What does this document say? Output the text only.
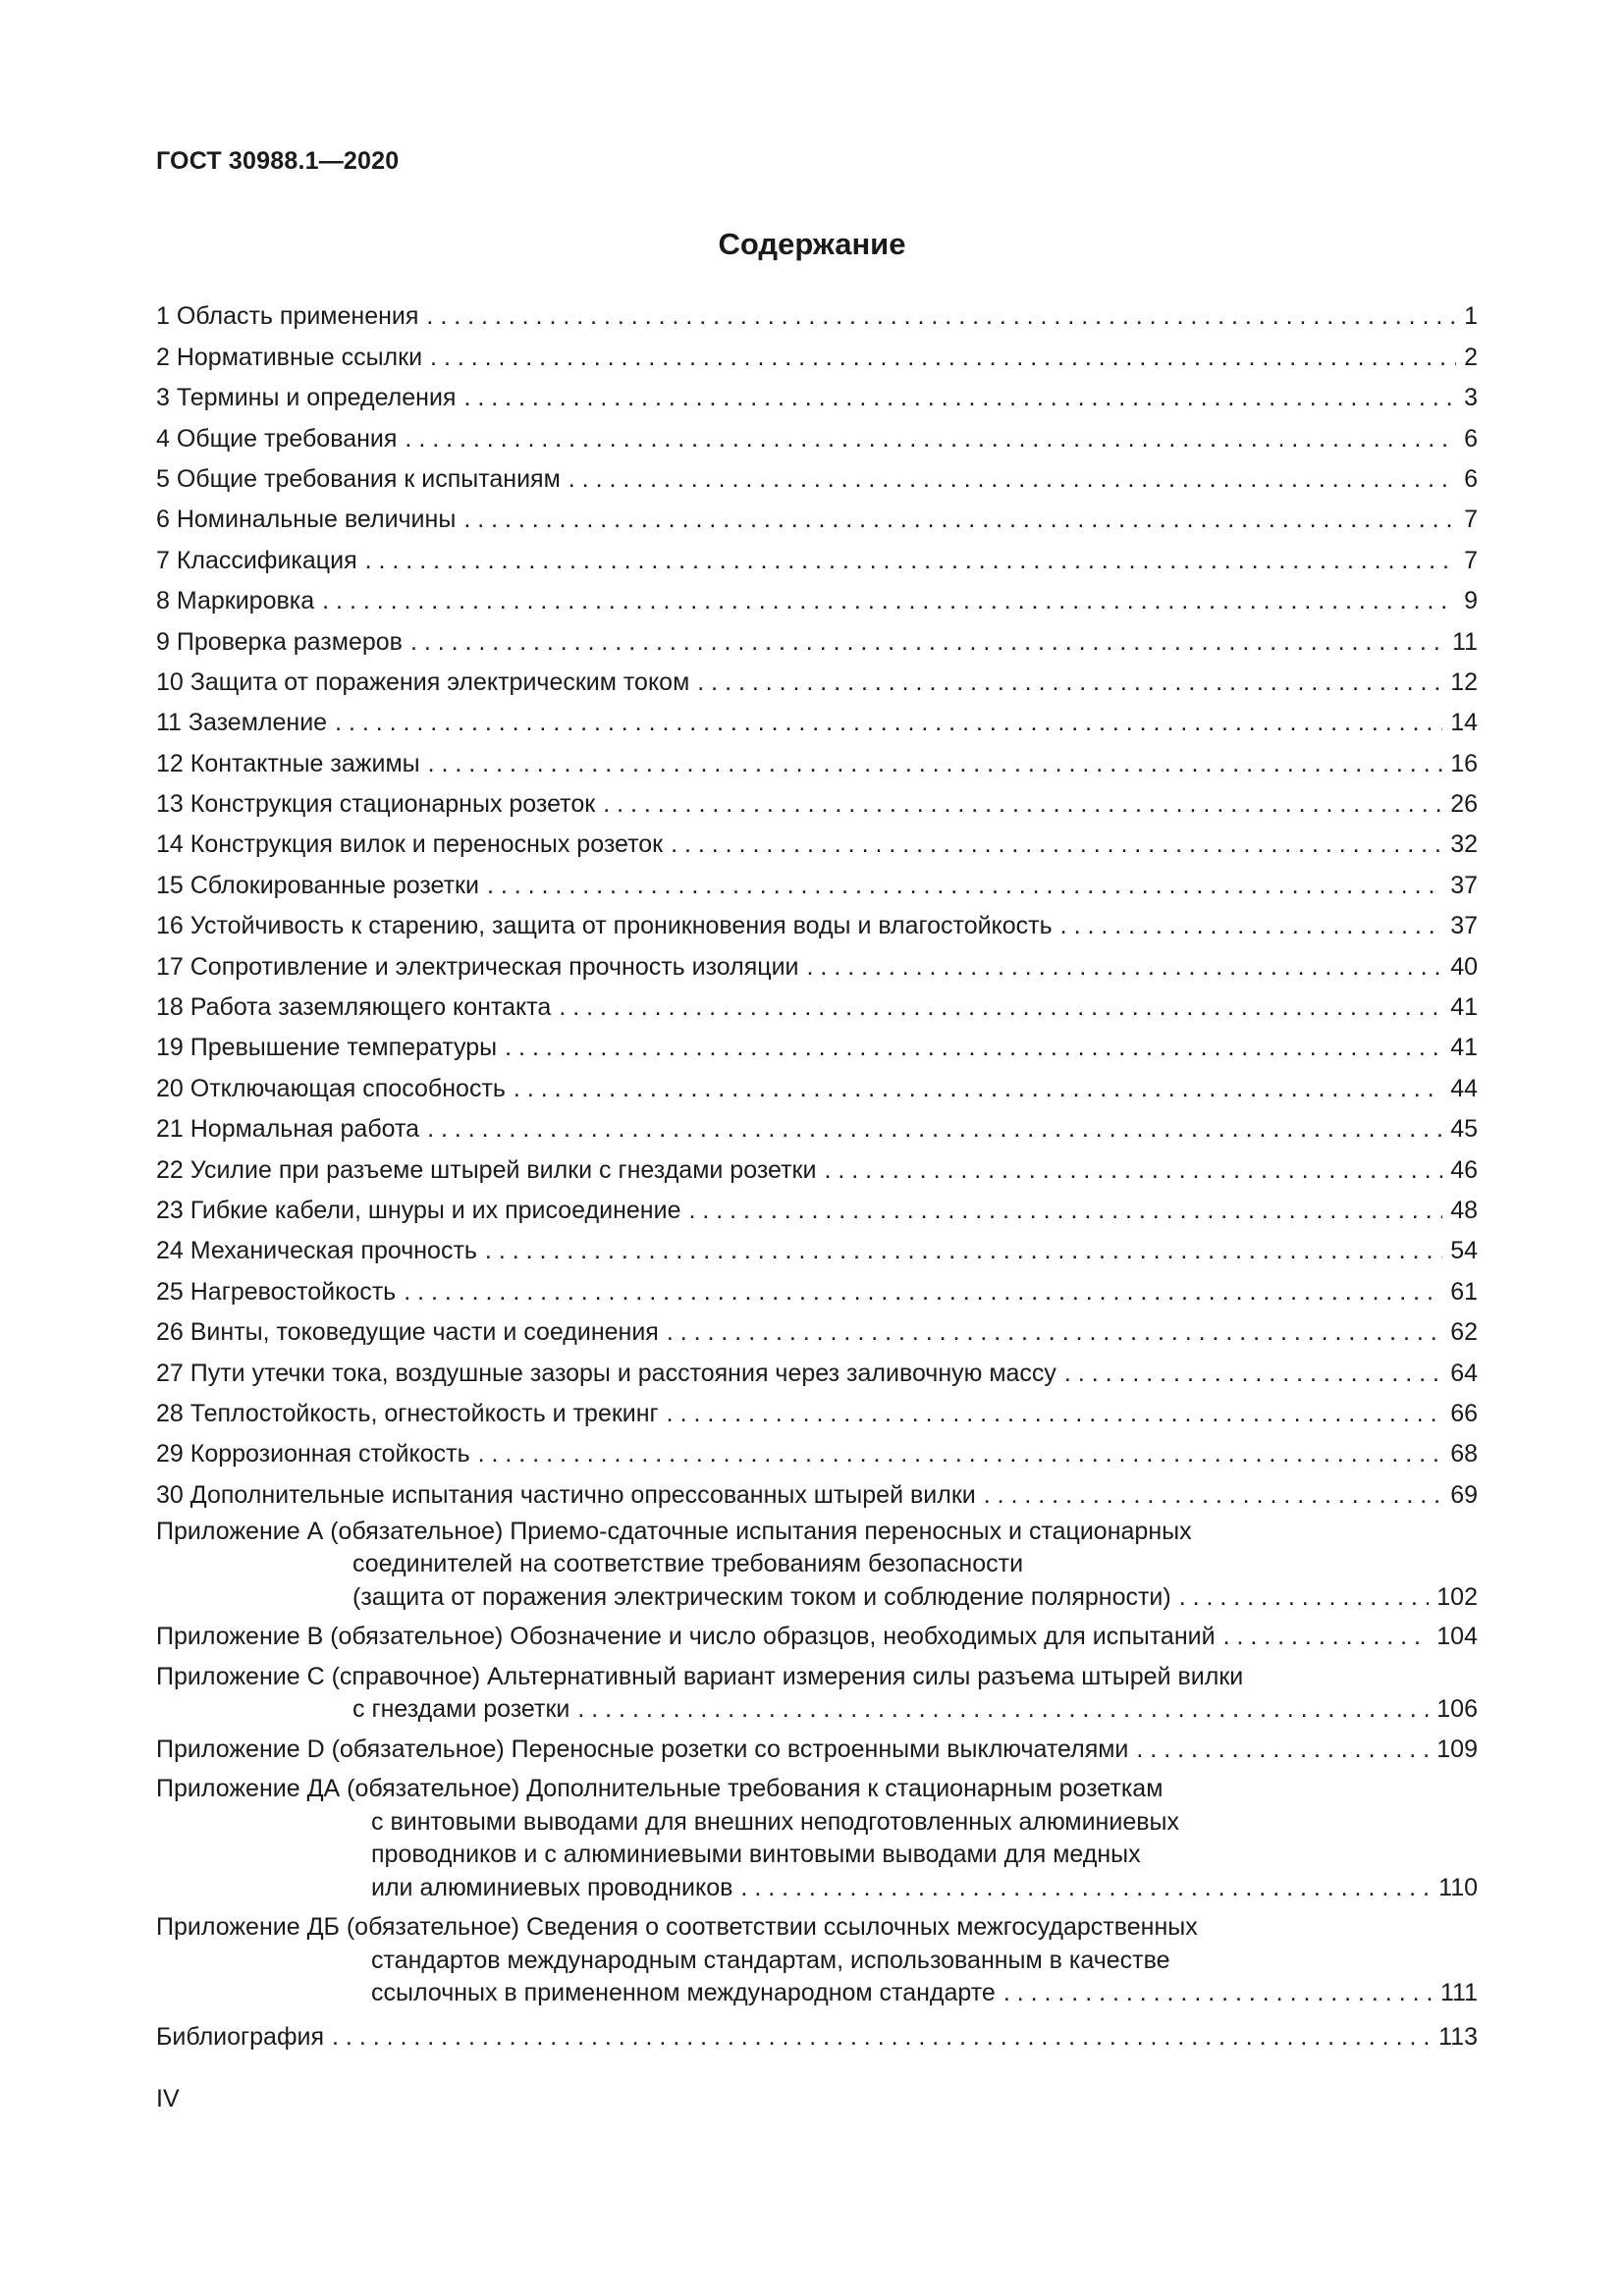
ГОСТ 30988.1—2020
Содержание
1 Область применения . . .	1
2 Нормативные ссылки . . .	2
3 Термины и определения . . .	3
4 Общие требования . . .	6
5 Общие требования к испытаниям . . .	6
6 Номинальные величины . . .	7
7 Классификация . . .	7
8 Маркировка . . .	9
9 Проверка размеров . . .	11
10 Защита от поражения электрическим током . . .	12
11 Заземление . . .	14
12 Контактные зажимы . . .	16
13 Конструкция стационарных розеток . . .	26
14 Конструкция вилок и переносных розеток . . .	32
15 Сблокированные розетки . . .	37
16 Устойчивость к старению, защита от проникновения воды и влагостойкость . . .	37
17 Сопротивление и электрическая прочность изоляции . . .	40
18 Работа заземляющего контакта . . .	41
19 Превышение температуры . . .	41
20 Отключающая способность . . .	44
21 Нормальная работа . . .	45
22 Усилие при разъеме штырей вилки с гнездами розетки . . .	46
23 Гибкие кабели, шнуры и их присоединение . . .	48
24 Механическая прочность . . .	54
25 Нагревостойкость . . .	61
26 Винты, токоведущие части и соединения . . .	62
27 Пути утечки тока, воздушные зазоры и расстояния через заливочную массу . . .	64
28 Теплостойкость, огнестойкость и трекинг . . .	66
29 Коррозионная стойкость . . .	68
30 Дополнительные испытания частично опрессованных штырей вилки . . .	69
Приложение А (обязательное) Приемо-сдаточные испытания переносных и стационарных
соединителей на соответствие требованиям безопасности
(защита от поражения электрическим током и соблюдение полярности) . . .	102
Приложение В (обязательное) Обозначение и число образцов, необходимых для испытаний . . .	104
Приложение С (справочное) Альтернативный вариант измерения силы разъема штырей вилки
с гнездами розетки . . .	106
Приложение D (обязательное) Переносные розетки со встроенными выключателями . . .	109
Приложение ДА (обязательное) Дополнительные требования к стационарным розеткам
с винтовыми выводами для внешних неподготовленных алюминиевых
проводников и с алюминиевыми винтовыми выводами для медных
или алюминиевых проводников . . .	110
Приложение ДБ (обязательное) Сведения о соответствии ссылочных межгосударственных
стандартов международным стандартам, использованным в качестве
ссылочных в примененном международном стандарте . . .	111
Библиография . . .	113
IV
